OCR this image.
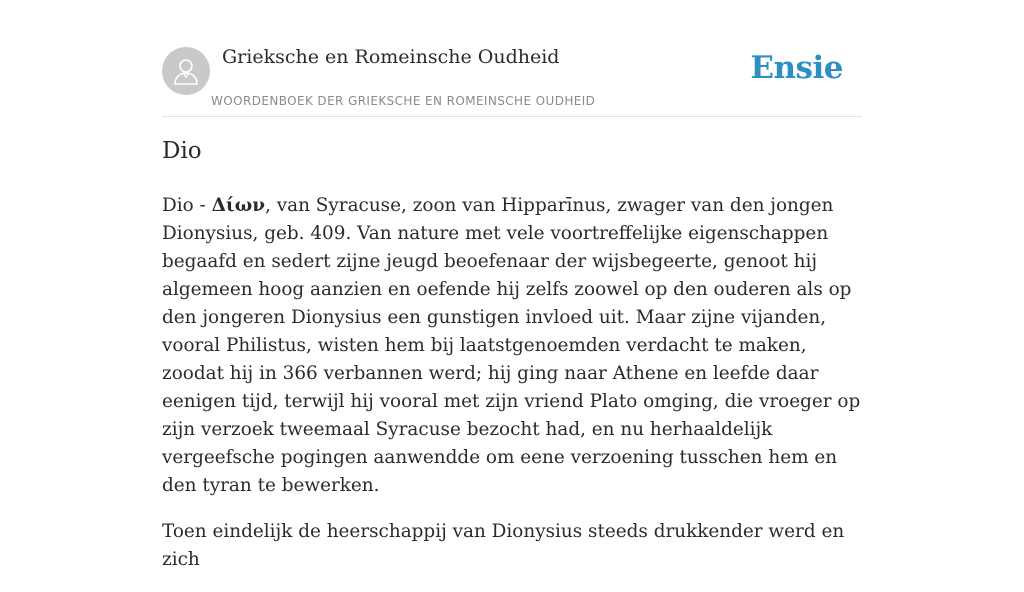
Grieksche en Romeinsche Oudheid
WOORDENBOEK DER GRIEKSCHE EN ROMEINSCHE OUDHEID
Ensie
Dio

Dio - Δίων, van Syracuse, zoon van Hipparīnus, zwager van den jongen Dionysius, geb. 409. Van nature met vele voortreffelijke eigenschappen begaafd en sedert zijne jeugd beoefenaar der wijsbegeerte, genoot hij algemeen hoog aanzien en oefende hij zelfs zoowel op den ouderen als op den jongeren Dionysius een gunstigen invloed uit. Maar zijne vijanden, vooral Philistus, wisten hem bij laatstgenoemden verdacht te maken, zoodat hij in 366 verbannen werd; hij ging naar Athene en leefde daar eenigen tijd, terwijl hij vooral met zijn vriend Plato omging, die vroeger op zijn verzoek tweemaal Syracuse bezocht had, en nu herhaaldelijk vergeefsche pogingen aanwendde om eene verzoening tusschen hem en den tyran te bewerken.

Toen eindelijk de heerschappij van Dionysius steeds drukkender werd en zich
